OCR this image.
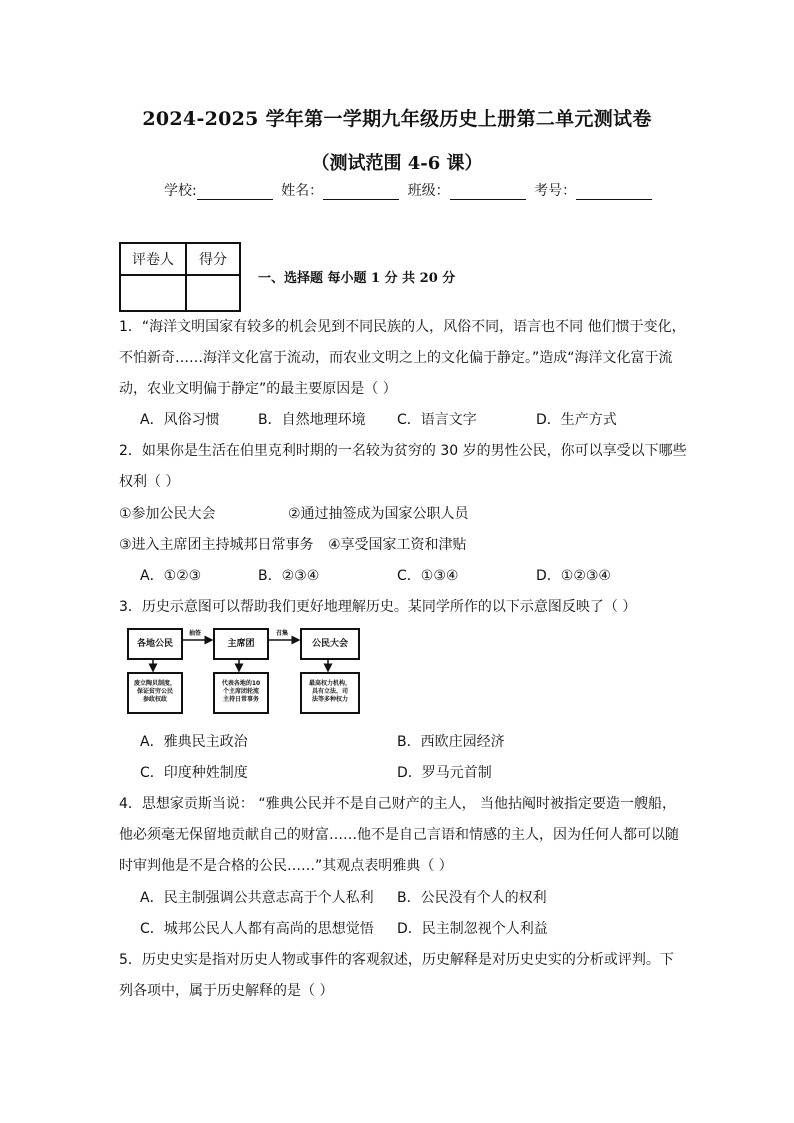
2024-2025 学年第一学期九年级历史上册第二单元测试卷
（测试范围 4-6 课）
学校:	姓名：	班级：	考号：
评卷人	得分

一、选择题 每小题 1 分 共 20 分
1．“海洋文明国家有较多的机会见到不同民族的人，风俗不同，语言也不同 他们惯于变化，
不怕新奇……海洋文化富于流动，而农业文明之上的文化偏于静定。”造成“海洋文化富于流
动，农业文明偏于静定”的最主要原因是（ ）
A．风俗习惯	B．自然地理环境 C．语言文字	D．生产方式
2．如果你是生活在伯里克利时期的一名较为贫穷的 30 岁的男性公民，你可以享受以下哪些
权利（ ）
①参加公民大会	②通过抽签成为国家公职人员
③进入主席团主持城邦日常事务 ④享受国家工资和津贴
A．①②③	B．②③④	C．①③④	D．①②③④
3．历史示意图可以帮助我们更好地理解历史。某同学所作的以下示意图反映了（ ）
各地公民	主席团	公民大会
抽签	召集
废立陶贝制度，
保证贫穷公民
参政权政
代表各地的10
个主席团轮流
主持日常事务
最高权力机构，
具有立法、司
法等多种权力
A．雅典民主政治	B．西欧庄园经济
C．印度种姓制度	D．罗马元首制
4．思想家贡斯当说： “雅典公民并不是自己财产的主人， 当他拈阄时被指定要造一艘船，
他必须毫无保留地贡献自己的财富……他不是自己言语和情感的主人，因为任何人都可以随
时审判他是不是合格的公民……”其观点表明雅典（ ）
A．民主制强调公共意志高于个人私利 B．公民没有个人的权利
C．城邦公民人人都有高尚的思想觉悟 D．民主制忽视个人利益
5．历史史实是指对历史人物或事件的客观叙述，历史解释是对历史史实的分析或评判。下
列各项中，属于历史解释的是（ ）
